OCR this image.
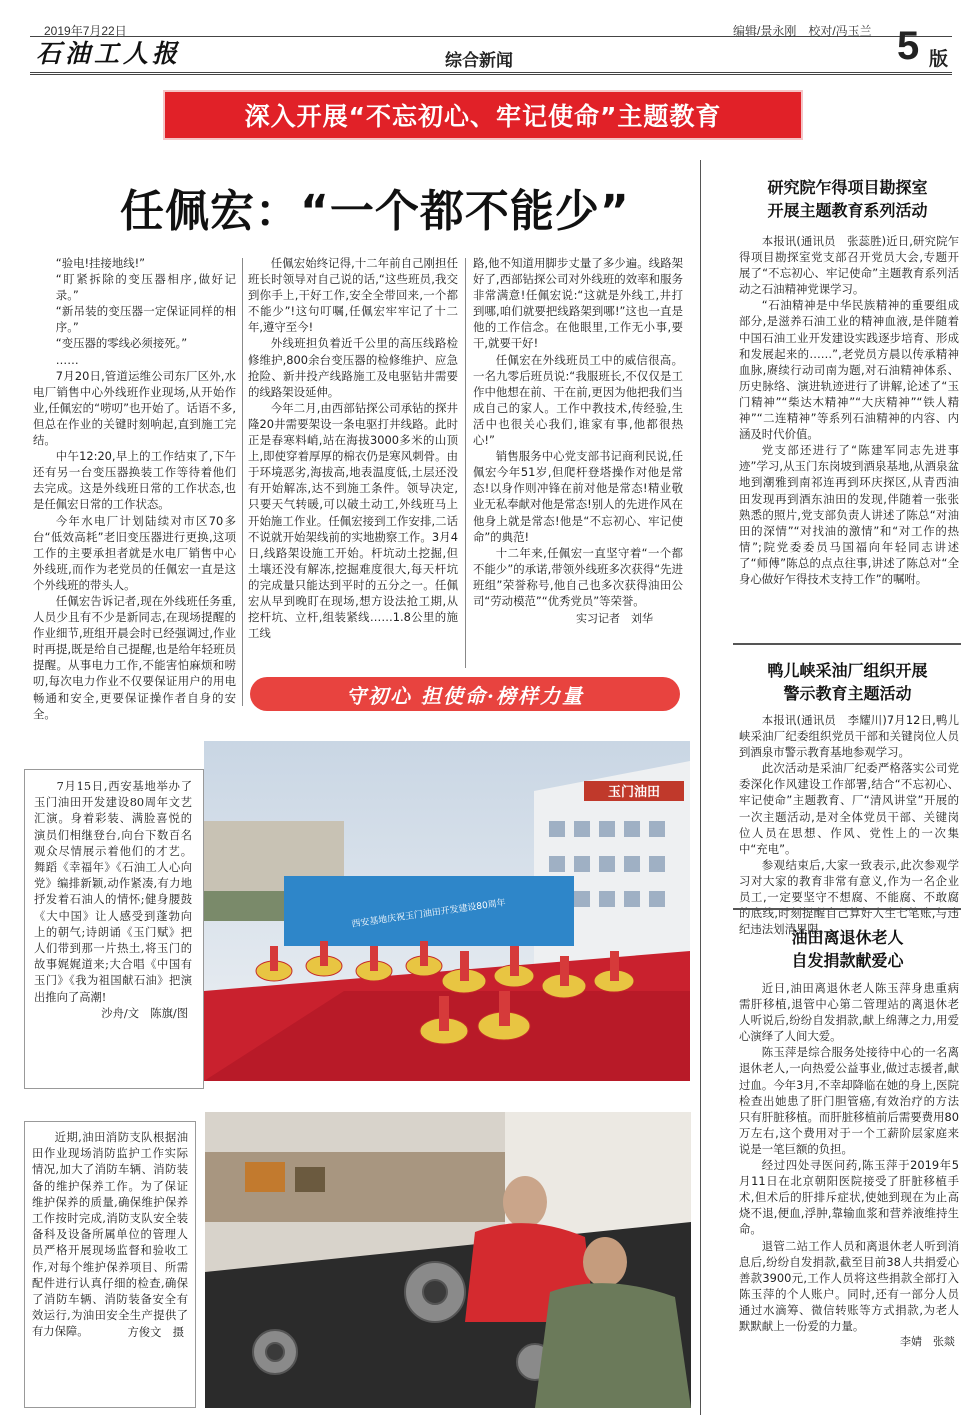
2019年7月22日	编辑/景永刚　校对/冯玉兰
石油工人报	综合新闻	5 版
深入开展“不忘初心、牢记使命”主题教育
任佩宏：“一个都不能少”

“验电!挂接地线!”

“盯紧拆除的变压器相序,做好记录。”

“新吊装的变压器一定保证同样的相序。”

“变压器的零线必须接死。”

……

7月20日,管道运维公司东厂区外,水电厂销售中心外线班作业现场,从开始作业,任佩宏的“唠叨”也开始了。话语不多,但总在作业的关键时刻响起,直到施工完结。

中午12:20,早上的工作结束了,下午还有另一台变压器换装工作等待着他们去完成。这是外线班日常的工作状态,也是任佩宏日常的工作状态。

今年水电厂计划陆续对市区70多台“低效高耗”老旧变压器进行更换,这项工作的主要承担者就是水电厂销售中心外线班,而作为老党员的任佩宏一直是这个外线班的带头人。

任佩宏告诉记者,现在外线班任务重,人员少且有不少是新同志,在现场提醒的作业细节,班组开晨会时已经强调过,作业时再提,既是给自己提醒,也是给年轻班员提醒。从事电力工作,不能害怕麻烦和唠叨,每次电力作业不仅要保证用户的用电畅通和安全,更要保证操作者自身的安全。

任佩宏始终记得,十二年前自己刚担任班长时领导对自己说的话,“这些班员,我交到你手上,干好工作,安全全带回来,一个都不能少”!这句叮嘱,任佩宏牢牢记了十二年,遵守至今!

外线班担负着近千公里的高压线路检修维护,800余台变压器的检修维护、应急抢险、新井投产线路施工及电驱钻井需要的线路架设延伸。

今年二月,由西部钻探公司承钻的探井隆20井需要架设一条电驱打井线路。此时正是春寒料峭,站在海拔3000多米的山顶上,即使穿着厚厚的棉衣仍是寒风刺骨。由于环境恶劣,海拔高,地表温度低,土层还没有开始解冻,达不到施工条件。领导决定,只要天气转暖,可以破土动工,外线班马上开始施工作业。任佩宏接到工作安排,二话不说就开始架线前的实地勘察工作。3月4日,线路架设施工开始。杆坑动土挖掘,但土壤还没有解冻,挖掘难度很大,每天杆坑的完成量只能达到平时的五分之一。任佩宏从早到晚盯在现场,想方设法抢工期,从挖杆坑、立杆,组装紧线……1.8公里的施工线

路,他不知道用脚步丈量了多少遍。线路架好了,西部钻探公司对外线班的效率和服务非常满意!任佩宏说:“这就是外线工,井打到哪,咱们就要把线路架到哪!”这也一直是他的工作信念。在他眼里,工作无小事,要干,就要干好!

任佩宏在外线班员工中的威信很高。一名九零后班员说:“我服班长,不仅仅是工作中他想在前、干在前,更因为他把我们当成自己的家人。工作中教技术,传经验,生活中也很关心我们,谁家有事,他都很热心!”

销售服务中心党支部书记商利民说,任佩宏今年51岁,但爬杆登塔操作对他是常态!以身作则冲锋在前对他是常态!精业敬业无私奉献对他是常态!别人的先进作风在他身上就是常态!他是“不忘初心、牢记使命”的典范!

十二年来,任佩宏一直坚守着“一个都不能少”的承诺,带领外线班多次获得“先进班组”荣誉称号,他自己也多次获得油田公司“劳动模范”“优秀党员”等荣誉。

实习记者　刘华
守初心 担使命·榜样力量
研究院乍得项目勘探室
开展主题教育系列活动

本报讯(通讯员　张蕊胜)近日,研究院乍得项目勘探室党支部召开党员大会,专题开展了“不忘初心、牢记使命”主题教育系列活动之石油精神党课学习。

“石油精神是中华民族精神的重要组成部分,是滋养石油工业的精神血液,是伴随着中国石油工业开发建设实践逐步培育、形成和发展起来的……”,老党员方晨以传承精神血脉,赓续行动司南为题,对石油精神体系、历史脉络、演进轨迹进行了讲解,论述了“玉门精神”“柴达木精神”“大庆精神”“铁人精神”“二连精神”等系列石油精神的内容、内涵及时代价值。

党支部还进行了“陈建军同志先进事迹”学习,从玉门东岗坡到酒泉基地,从酒泉盆地到潮雅到南祁连再到环庆探区,从青西油田发现再到酒东油田的发现,伴随着一张张熟悉的照片,党支部负责人讲述了陈总“对油田的深情”“对找油的激情”和“对工作的热情”;院党委委员马国福向年轻同志讲述了“师傅”陈总的点点往事,讲述了陈总对“全身心做好乍得技术支持工作”的嘱咐。

鸭儿峡采油厂组织开展
警示教育主题活动

本报讯(通讯员　李耀川)7月12日,鸭儿峡采油厂纪委组织党员干部和关键岗位人员到酒泉市警示教育基地参观学习。

此次活动是采油厂纪委严格落实公司党委深化作风建设工作部署,结合“不忘初心、牢记使命”主题教育、厂“清风讲堂”开展的一次主题活动,是对全体党员干部、关键岗位人员在思想、作风、党性上的一次集中“充电”。

参观结束后,大家一致表示,此次参观学习对大家的教育非常有意义,作为一名企业员工,一定要坚守不想腐、不能腐、不敢腐的底线,时刻提醒自己算好人生七笔账,与违纪违法划清界限。

油田离退休老人
自发捐款献爱心

近日,油田离退休老人陈玉萍身患重病需肝移植,退管中心第二管理站的离退休老人听说后,纷纷自发捐款,献上绵薄之力,用爱心演绎了人间大爱。

陈玉萍是综合服务处接待中心的一名离退休老人,一向热爱公益事业,做过志援者,献过血。今年3月,不幸却降临在她的身上,医院检查出她患了肝门胆管癌,有效治疗的方法只有肝脏移植。而肝脏移植前后需要费用80万左右,这个费用对于一个工薪阶层家庭来说是一笔巨额的负担。

经过四处寻医问药,陈玉萍于2019年5月11日在北京朝阳医院接受了肝脏移植手术,但术后的肝排斥症状,使她到现在为止高烧不退,便血,浮肿,靠输血浆和营养液维持生命。

退管二站工作人员和离退休老人听到消息后,纷纷自发捐款,截至目前38人共捐爱心善款3900元,工作人员将这些捐款全部打入陈玉萍的个人账户。同时,还有一部分人员通过水滴筹、微信转账等方式捐款,为老人默默献上一份爱的力量。

李婧　张燚

7月15日,西安基地举办了玉门油田开发建设80周年文艺汇演。身着彩装、满脸喜悦的演员们相继登台,向台下数百名观众尽情展示着他们的才艺。舞蹈《幸福年》《石油工人心向党》编排新颖,动作紧凑,有力地抒发着石油人的情怀;健身腰鼓《大中国》让人感受到蓬勃向上的朝气;诗朗诵《玉门赋》把人们带到那一片热土,将玉门的故事娓娓道来;大合唱《中国有玉门》《我为祖国献石油》把演出推向了高潮!

沙舟/文　陈旗/图
玉门油田
西安基地庆祝玉门油田开发建设80周年

近期,油田消防支队根据油田作业现场消防监护工作实际情况,加大了消防车辆、消防装备的维护保养工作。为了保证维护保养的质量,确保维护保养工作按时完成,消防支队安全装备科及设备所属单位的管理人员严格开展现场监督和验收工作,对每个维护保养项目、所需配件进行认真仔细的检查,确保了消防车辆、消防装备安全有效运行,为油田安全生产提供了有力保障。	方俊文　摄
